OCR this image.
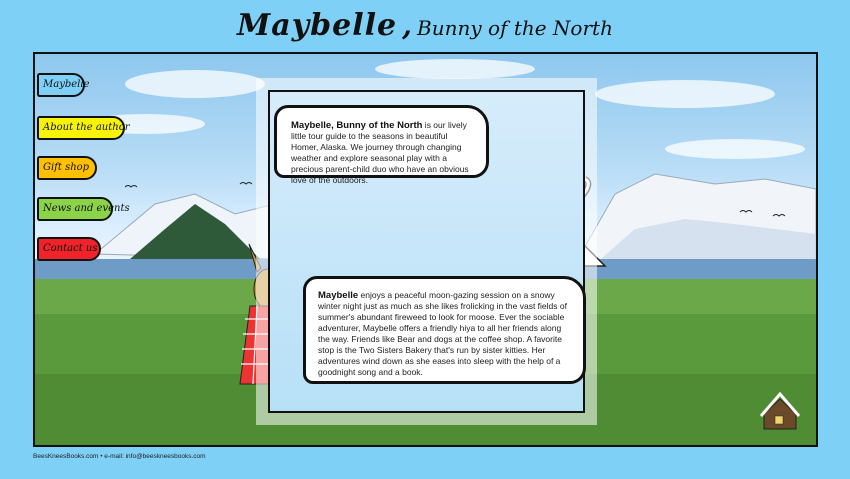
Maybelle , Bunny of the North
Maybelle
About the author
Gift shop
News and events
Contact us
Maybelle, Bunny of the North is our lively little tour guide to the seasons in beautiful Homer, Alaska. We journey through changing weather and explore seasonal play with a precious parent-child duo who have an obvious love of the outdoors.
Maybelle enjoys a peaceful moon-gazing session on a snowy winter night just as much as she likes frolicking in the vast fields of summer's abundant fireweed to look for moose. Ever the sociable adventurer, Maybelle offers a friendly hiya to all her friends along the way. Friends like Bear and dogs at the coffee shop. A favorite stop is the Two Sisters Bakery that's run by sister kitties. Her adventures wind down as she eases into sleep with the help of a goodnight song and a book.
BeesKneesBooks.com • e-mail: info@beeskneesbooks.com
